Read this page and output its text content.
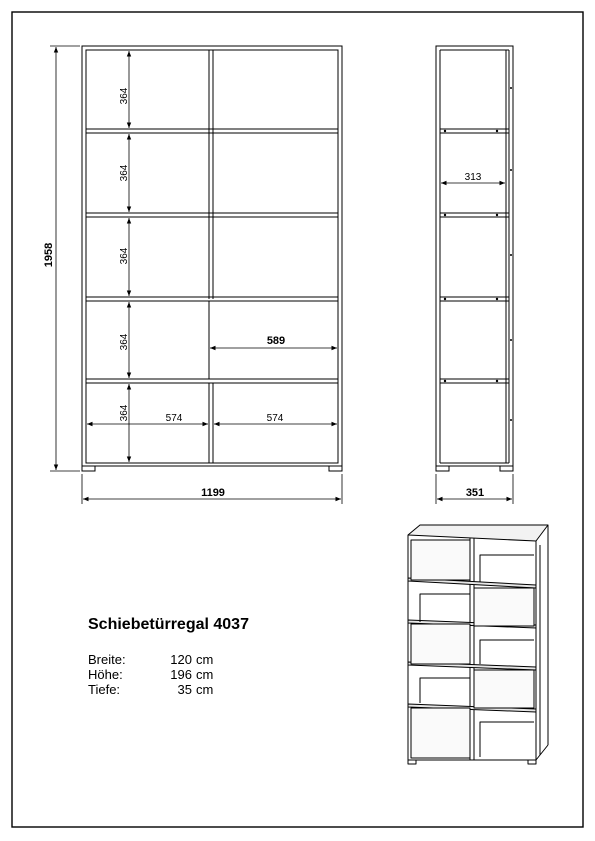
364
364
364
364
364
1958
1199
574	574
589
313
351
Schiebetürregal 4037
Breite:	120 cm
Höhe:	196 cm
Tiefe:	35 cm
